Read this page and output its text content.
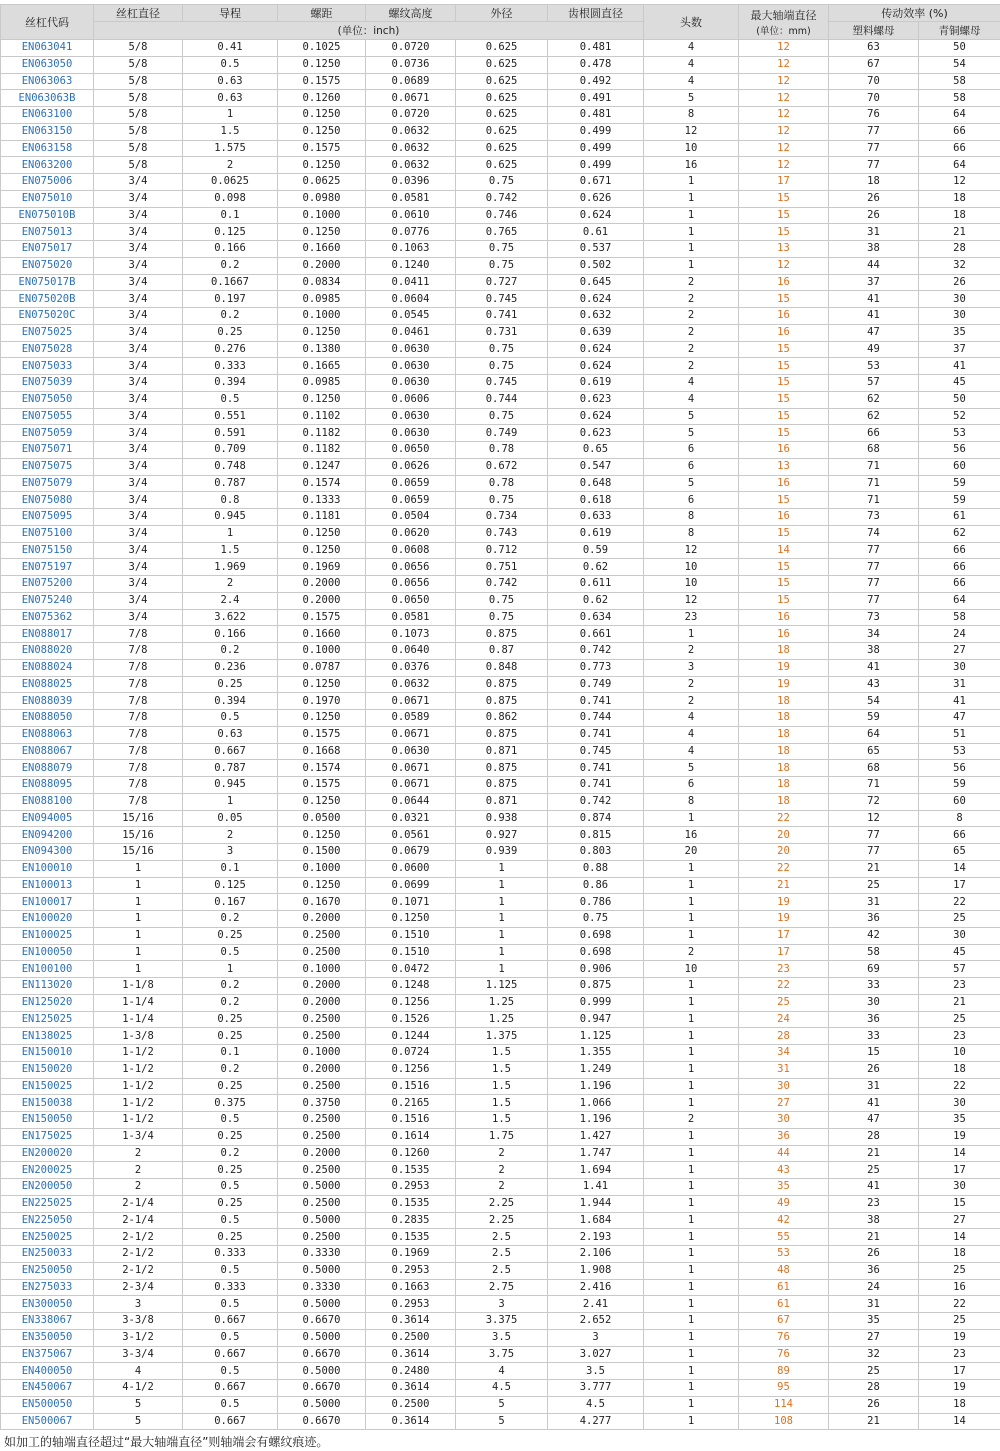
丝杠代码	丝杠直径	导程	螺距	螺纹高度	外径	齿根圆直径	头数	最大轴端直径
(单位：mm)	传动效率 (%)	
	(单位：inch)								塑料螺母	青铜螺母
EN063041	5/8	0.41	0.1025	0.0720	0.625	0.481	4	12	63	50
EN063050	5/8	0.5	0.1250	0.0736	0.625	0.478	4	12	67	54
EN063063	5/8	0.63	0.1575	0.0689	0.625	0.492	4	12	70	58
EN063063B	5/8	0.63	0.1260	0.0671	0.625	0.491	5	12	70	58
EN063100	5/8	1	0.1250	0.0720	0.625	0.481	8	12	76	64
EN063150	5/8	1.5	0.1250	0.0632	0.625	0.499	12	12	77	66
EN063158	5/8	1.575	0.1575	0.0632	0.625	0.499	10	12	77	66
EN063200	5/8	2	0.1250	0.0632	0.625	0.499	16	12	77	64
EN075006	3/4	0.0625	0.0625	0.0396	0.75	0.671	1	17	18	12
EN075010	3/4	0.098	0.0980	0.0581	0.742	0.626	1	15	26	18
EN075010B	3/4	0.1	0.1000	0.0610	0.746	0.624	1	15	26	18
EN075013	3/4	0.125	0.1250	0.0776	0.765	0.61	1	15	31	21
EN075017	3/4	0.166	0.1660	0.1063	0.75	0.537	1	13	38	28
EN075020	3/4	0.2	0.2000	0.1240	0.75	0.502	1	12	44	32
EN075017B	3/4	0.1667	0.0834	0.0411	0.727	0.645	2	16	37	26
EN075020B	3/4	0.197	0.0985	0.0604	0.745	0.624	2	15	41	30
EN075020C	3/4	0.2	0.1000	0.0545	0.741	0.632	2	16	41	30
EN075025	3/4	0.25	0.1250	0.0461	0.731	0.639	2	16	47	35
EN075028	3/4	0.276	0.1380	0.0630	0.75	0.624	2	15	49	37
EN075033	3/4	0.333	0.1665	0.0630	0.75	0.624	2	15	53	41
EN075039	3/4	0.394	0.0985	0.0630	0.745	0.619	4	15	57	45
EN075050	3/4	0.5	0.1250	0.0606	0.744	0.623	4	15	62	50
EN075055	3/4	0.551	0.1102	0.0630	0.75	0.624	5	15	62	52
EN075059	3/4	0.591	0.1182	0.0630	0.749	0.623	5	15	66	53
EN075071	3/4	0.709	0.1182	0.0650	0.78	0.65	6	16	68	56
EN075075	3/4	0.748	0.1247	0.0626	0.672	0.547	6	13	71	60
EN075079	3/4	0.787	0.1574	0.0659	0.78	0.648	5	16	71	59
EN075080	3/4	0.8	0.1333	0.0659	0.75	0.618	6	15	71	59
EN075095	3/4	0.945	0.1181	0.0504	0.734	0.633	8	16	73	61
EN075100	3/4	1	0.1250	0.0620	0.743	0.619	8	15	74	62
EN075150	3/4	1.5	0.1250	0.0608	0.712	0.59	12	14	77	66
EN075197	3/4	1.969	0.1969	0.0656	0.751	0.62	10	15	77	66
EN075200	3/4	2	0.2000	0.0656	0.742	0.611	10	15	77	66
EN075240	3/4	2.4	0.2000	0.0650	0.75	0.62	12	15	77	64
EN075362	3/4	3.622	0.1575	0.0581	0.75	0.634	23	16	73	58
EN088017	7/8	0.166	0.1660	0.1073	0.875	0.661	1	16	34	24
EN088020	7/8	0.2	0.1000	0.0640	0.87	0.742	2	18	38	27
EN088024	7/8	0.236	0.0787	0.0376	0.848	0.773	3	19	41	30
EN088025	7/8	0.25	0.1250	0.0632	0.875	0.749	2	19	43	31
EN088039	7/8	0.394	0.1970	0.0671	0.875	0.741	2	18	54	41
EN088050	7/8	0.5	0.1250	0.0589	0.862	0.744	4	18	59	47
EN088063	7/8	0.63	0.1575	0.0671	0.875	0.741	4	18	64	51
EN088067	7/8	0.667	0.1668	0.0630	0.871	0.745	4	18	65	53
EN088079	7/8	0.787	0.1574	0.0671	0.875	0.741	5	18	68	56
EN088095	7/8	0.945	0.1575	0.0671	0.875	0.741	6	18	71	59
EN088100	7/8	1	0.1250	0.0644	0.871	0.742	8	18	72	60
EN094005	15/16	0.05	0.0500	0.0321	0.938	0.874	1	22	12	8
EN094200	15/16	2	0.1250	0.0561	0.927	0.815	16	20	77	66
EN094300	15/16	3	0.1500	0.0679	0.939	0.803	20	20	77	65
EN100010	1	0.1	0.1000	0.0600	1	0.88	1	22	21	14
EN100013	1	0.125	0.1250	0.0699	1	0.86	1	21	25	17
EN100017	1	0.167	0.1670	0.1071	1	0.786	1	19	31	22
EN100020	1	0.2	0.2000	0.1250	1	0.75	1	19	36	25
EN100025	1	0.25	0.2500	0.1510	1	0.698	1	17	42	30
EN100050	1	0.5	0.2500	0.1510	1	0.698	2	17	58	45
EN100100	1	1	0.1000	0.0472	1	0.906	10	23	69	57
EN113020	1-1/8	0.2	0.2000	0.1248	1.125	0.875	1	22	33	23
EN125020	1-1/4	0.2	0.2000	0.1256	1.25	0.999	1	25	30	21
EN125025	1-1/4	0.25	0.2500	0.1526	1.25	0.947	1	24	36	25
EN138025	1-3/8	0.25	0.2500	0.1244	1.375	1.125	1	28	33	23
EN150010	1-1/2	0.1	0.1000	0.0724	1.5	1.355	1	34	15	10
EN150020	1-1/2	0.2	0.2000	0.1256	1.5	1.249	1	31	26	18
EN150025	1-1/2	0.25	0.2500	0.1516	1.5	1.196	1	30	31	22
EN150038	1-1/2	0.375	0.3750	0.2165	1.5	1.066	1	27	41	30
EN150050	1-1/2	0.5	0.2500	0.1516	1.5	1.196	2	30	47	35
EN175025	1-3/4	0.25	0.2500	0.1614	1.75	1.427	1	36	28	19
EN200020	2	0.2	0.2000	0.1260	2	1.747	1	44	21	14
EN200025	2	0.25	0.2500	0.1535	2	1.694	1	43	25	17
EN200050	2	0.5	0.5000	0.2953	2	1.41	1	35	41	30
EN225025	2-1/4	0.25	0.2500	0.1535	2.25	1.944	1	49	23	15
EN225050	2-1/4	0.5	0.5000	0.2835	2.25	1.684	1	42	38	27
EN250025	2-1/2	0.25	0.2500	0.1535	2.5	2.193	1	55	21	14
EN250033	2-1/2	0.333	0.3330	0.1969	2.5	2.106	1	53	26	18
EN250050	2-1/2	0.5	0.5000	0.2953	2.5	1.908	1	48	36	25
EN275033	2-3/4	0.333	0.3330	0.1663	2.75	2.416	1	61	24	16
EN300050	3	0.5	0.5000	0.2953	3	2.41	1	61	31	22
EN338067	3-3/8	0.667	0.6670	0.3614	3.375	2.652	1	67	35	25
EN350050	3-1/2	0.5	0.5000	0.2500	3.5	3	1	76	27	19
EN375067	3-3/4	0.667	0.6670	0.3614	3.75	3.027	1	76	32	23
EN400050	4	0.5	0.5000	0.2480	4	3.5	1	89	25	17
EN450067	4-1/2	0.667	0.6670	0.3614	4.5	3.777	1	95	28	19
EN500050	5	0.5	0.5000	0.2500	5	4.5	1	114	26	18
EN500067	5	0.667	0.6670	0.3614	5	4.277	1	108	21	14
如加工的轴端直径超过“最大轴端直径”则轴端会有螺纹痕迹。
